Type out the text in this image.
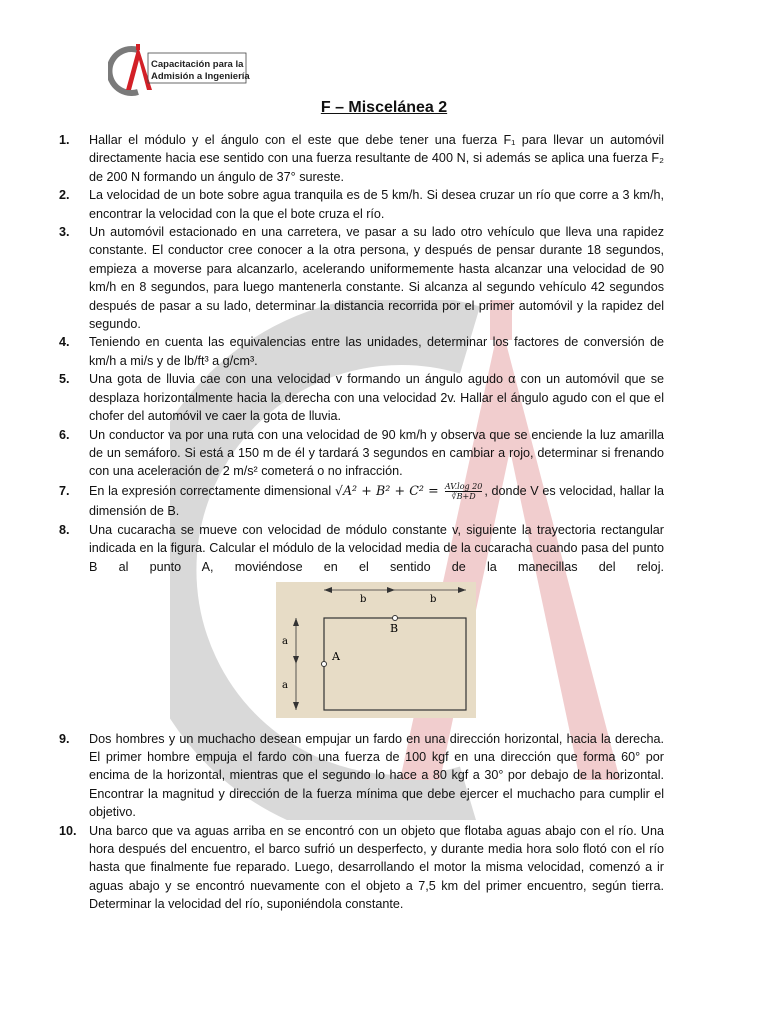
Capacitación para la
Admisión a Ingeniería
F – Miscelánea 2
1. Hallar el módulo y el ángulo con el este que debe tener una fuerza F₁ para llevar un automóvil directamente hacia ese sentido con una fuerza resultante de 400 N, si además se aplica una fuerza F₂ de 200 N formando un ángulo de 37° sureste.
2. La velocidad de un bote sobre agua tranquila es de 5 km/h. Si desea cruzar un río que corre a 3 km/h, encontrar la velocidad con la que el bote cruza el río.
3. Un automóvil estacionado en una carretera, ve pasar a su lado otro vehículo que lleva una rapidez constante. El conductor cree conocer a la otra persona, y después de pensar durante 18 segundos, empieza a moverse para alcanzarlo, acelerando uniformemente hasta alcanzar una velocidad de 90 km/h en 8 segundos, para luego mantenerla constante. Si alcanza al segundo vehículo 42 segundos después de pasar a su lado, determinar la distancia recorrida por el primer automóvil y la rapidez del segundo.
4. Teniendo en cuenta las equivalencias entre las unidades, determinar los factores de conversión de km/h a mi/s y de lb/ft³ a g/cm³.
5. Una gota de lluvia cae con una velocidad v formando un ángulo agudo α con un automóvil que se desplaza horizontalmente hacia la derecha con una velocidad 2v. Hallar el ángulo agudo con el que el chofer del automóvil ve caer la gota de lluvia.
6. Un conductor va por una ruta con una velocidad de 90 km/h y observa que se enciende la luz amarilla de un semáforo. Si está a 150 m de él y tardará 3 segundos en cambiar a rojo, determinar si frenando con una aceleración de 2 m/s² cometerá o no infracción.
7. En la expresión correctamente dimensional $√A^2 + B^2 + C^2 = \frac{AV.\log 20}{∛B+D}$ , donde V es velocidad, hallar la dimensión de B.
8. Una cucaracha se mueve con velocidad de módulo constante v, siguiente la trayectoria rectangular indicada en la figura. Calcular el módulo de la velocidad media de la cucaracha cuando pasa del punto B al punto A, moviéndose en el sentido de la manecillas del reloj.
b	b
a
a
B
A
9. Dos hombres y un muchacho desean empujar un fardo en una dirección horizontal, hacia la derecha. El primer hombre empuja el fardo con una fuerza de 100 kgf en una dirección que forma 60° por encima de la horizontal, mientras que el segundo lo hace a 80 kgf a 30° por debajo de la horizontal. Encontrar la magnitud y dirección de la fuerza mínima que debe ejercer el muchacho para cumplir el objetivo.
10. Una barco que va aguas arriba en se encontró con un objeto que flotaba aguas abajo con el río. Una hora después del encuentro, el barco sufrió un desperfecto, y durante media hora solo flotó con el río hasta que finalmente fue reparado. Luego, desarrollando el motor la misma velocidad, comenzó a ir aguas abajo y se encontró nuevamente con el objeto a 7,5 km del primer encuentro, según tierra. Determinar la velocidad del río, suponiéndola constante.
